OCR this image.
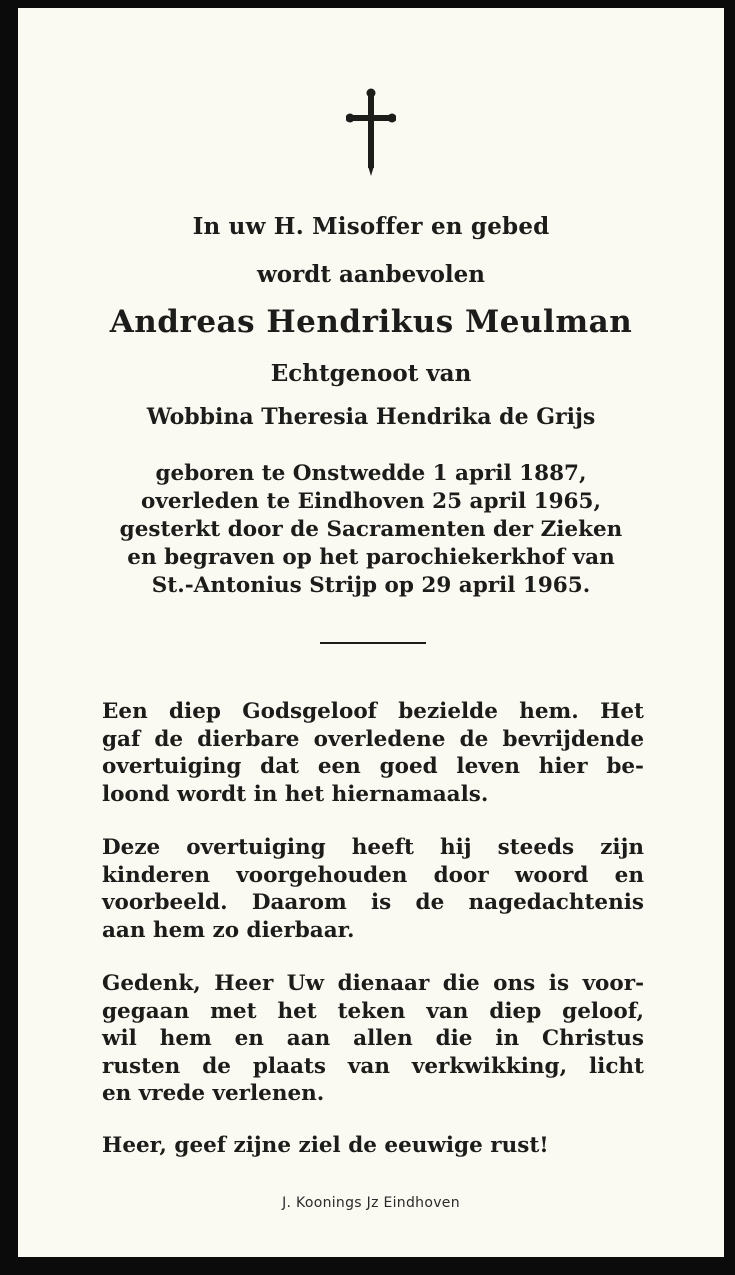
In uw H. Misoffer en gebed
wordt aanbevolen
Andreas Hendrikus Meulman
Echtgenoot van
Wobbina Theresia Hendrika de Grijs
geboren te Onstwedde 1 april 1887,
overleden te Eindhoven 25 april 1965,
gesterkt door de Sacramenten der Zieken
en begraven op het parochiekerkhof van
St.-Antonius Strijp op 29 april 1965.
Een diep Godsgeloof bezielde hem. Het
gaf de dierbare overledene de bevrijdende
overtuiging dat een goed leven hier be-
loond wordt in het hiernamaals.
Deze overtuiging heeft hij steeds zijn
kinderen voorgehouden door woord en
voorbeeld. Daarom is de nagedachtenis
aan hem zo dierbaar.
Gedenk, Heer Uw dienaar die ons is voor-
gegaan met het teken van diep geloof,
wil hem en aan allen die in Christus
rusten de plaats van verkwikking, licht
en vrede verlenen.
Heer, geef zijne ziel de eeuwige rust!
J. Koonings Jz Eindhoven
